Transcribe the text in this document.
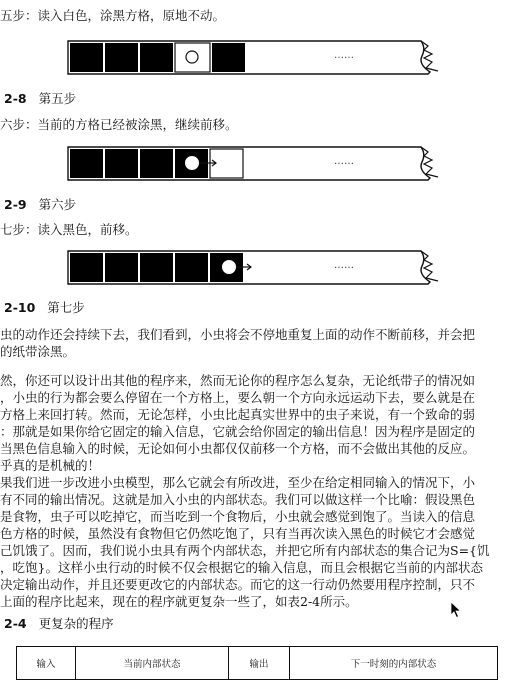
五步：读入白色，涂黑方格，原地不动。
……
2-8 第五步
六步：当前的方格已经被涂黑，继续前移。
……
2-9 第六步
七步：读入黑色，前移。
……
2-10 第七步
虫的动作还会持续下去，我们看到，小虫将会不停地重复上面的动作不断前移，并会把
的纸带涂黑。
然，你还可以设计出其他的程序来，然而无论你的程序怎么复杂，无论纸带子的情况如
，小虫的行为都会要么停留在一个方格上，要么朝一个方向永远运动下去，要么就是在
方格上来回打转。然而，无论怎样，小虫比起真实世界中的虫子来说，有一个致命的弱
：那就是如果你给它固定的输入信息，它就会给你固定的输出信息！因为程序是固定的
当黑色信息输入的时候，无论如何小虫都仅仅前移一个方格，而不会做出其他的反应。
乎真的是机械的！
果我们进一步改进小虫模型，那么它就会有所改进，至少在给定相同输入的情况下，小
有不同的输出情况。这就是加入小虫的内部状态。我们可以做这样一个比喻：假设黑色
是食物，虫子可以吃掉它，而当吃到一个食物后，小虫就会感觉到饱了。当读入的信息
色方格的时候，虽然没有食物但它仍然吃饱了，只有当再次读入黑色的时候它才会感觉
己饥饿了。因而，我们说小虫具有两个内部状态，并把它所有内部状态的集合记为S={饥
，吃饱}。这样小虫行动的时候不仅会根据它的输入信息，而且会根据它当前的内部状态
决定输出动作，并且还要更改它的内部状态。而它的这一行动仍然要用程序控制，只不
上面的程序比起来，现在的程序就更复杂一些了，如表2-4所示。
2-4 更复杂的程序
输入	当前内部状态	输出	下一时刻的内部状态
